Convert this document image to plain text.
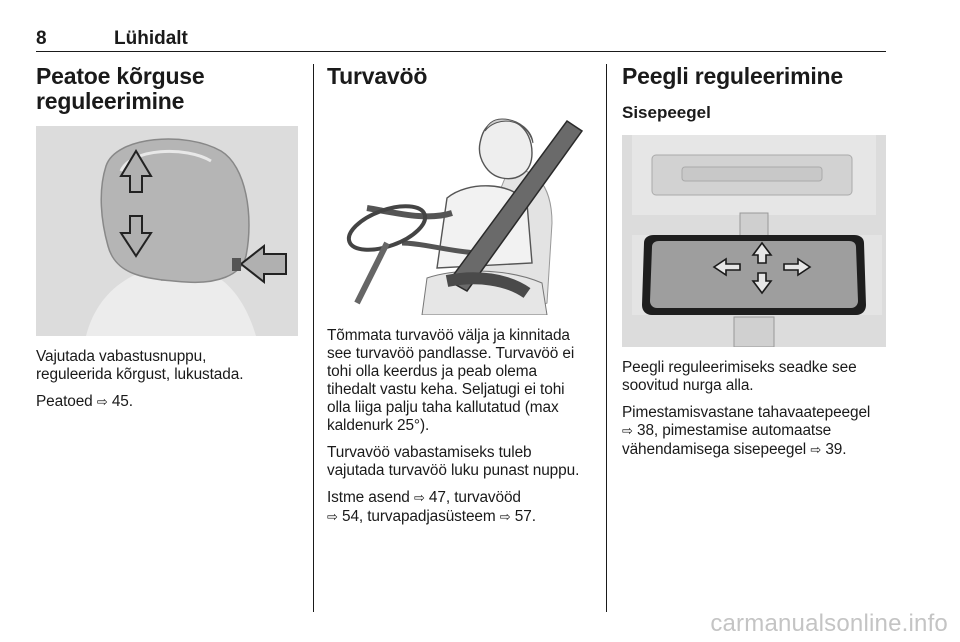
8	Lühidalt
Peatoe kõrguse
reguleerimine
Vajutada vabastusnuppu,
reguleerida kõrgust, lukustada.
Peatoed ⇨ 45.
Turvavöö
Tõmmata turvavöö välja ja kinnitada
see turvavöö pandlasse. Turvavöö ei
tohi olla keerdus ja peab olema
tihedalt vastu keha. Seljatugi ei tohi
olla liiga palju taha kallutatud (max
kaldenurk 25°).
Turvavöö vabastamiseks tuleb
vajutada turvavöö luku punast nuppu.
Istme asend ⇨ 47, turvavööd
⇨ 54, turvapadjasüsteem ⇨ 57.
Peegli reguleerimine
Sisepeegel
Peegli reguleerimiseks seadke see
soovitud nurga alla.
Pimestamisvastane tahavaatepeegel
⇨ 38, pimestamise automaatse
vähendamisega sisepeegel ⇨ 39.
carmanualsonline.info
